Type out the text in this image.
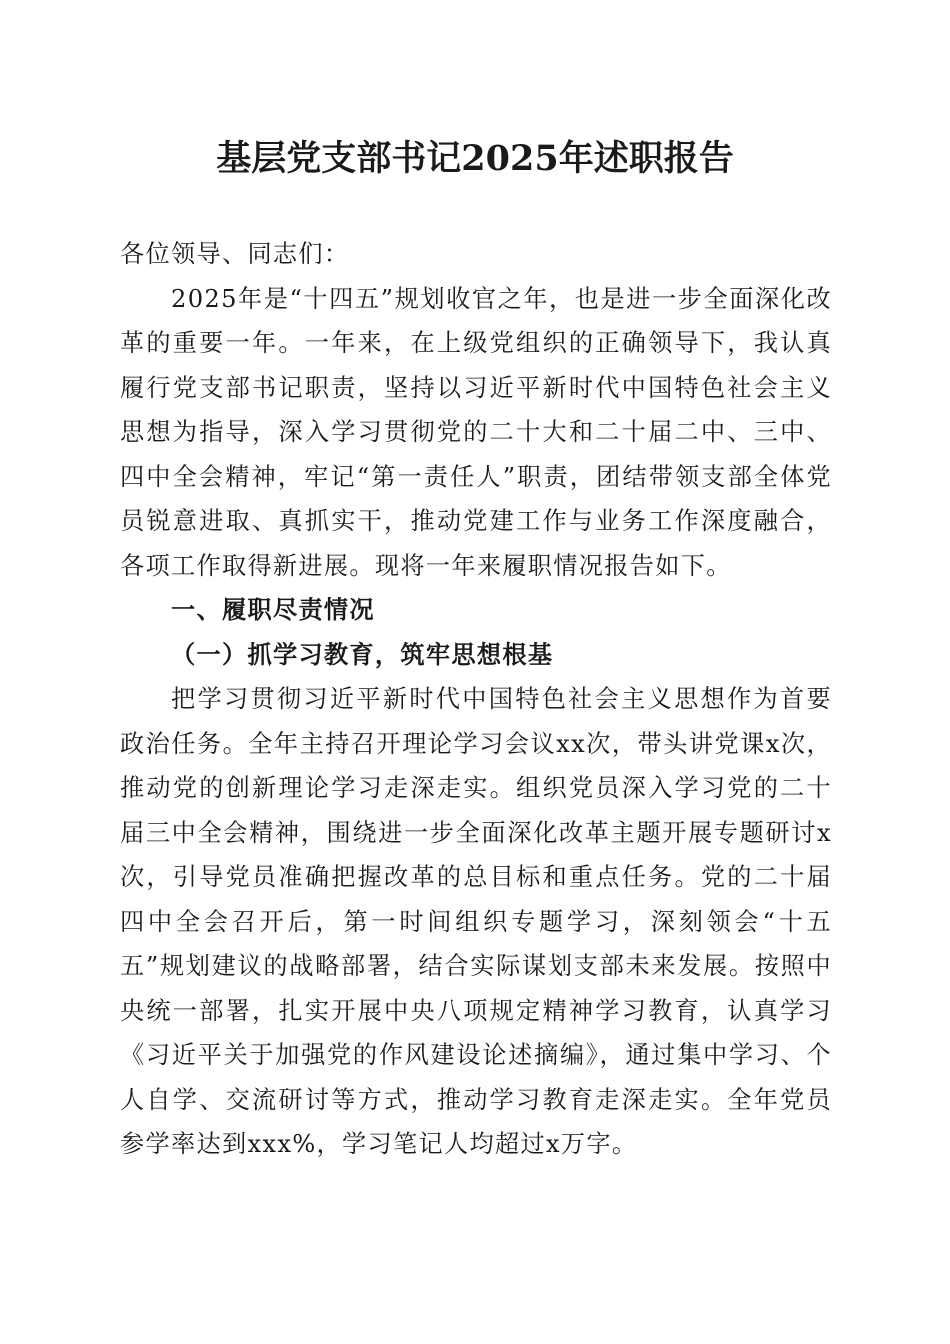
基层党支部书记2025年述职报告

各位领导、同志们：

2025年是“十四五”规划收官之年，也是进一步全面深化改革的重要一年。一年来，在上级党组织的正确领导下，我认真履行党支部书记职责，坚持以习近平新时代中国特色社会主义思想为指导，深入学习贯彻党的二十大和二十届二中、三中、四中全会精神，牢记“第一责任人”职责，团结带领支部全体党员锐意进取、真抓实干，推动党建工作与业务工作深度融合，各项工作取得新进展。现将一年来履职情况报告如下。

一、履职尽责情况

（一）抓学习教育，筑牢思想根基

把学习贯彻习近平新时代中国特色社会主义思想作为首要政治任务。全年主持召开理论学习会议xx次，带头讲党课x次，推动党的创新理论学习走深走实。组织党员深入学习党的二十届三中全会精神，围绕进一步全面深化改革主题开展专题研讨x次，引导党员准确把握改革的总目标和重点任务。党的二十届四中全会召开后，第一时间组织专题学习，深刻领会“十五五”规划建议的战略部署，结合实际谋划支部未来发展。按照中央统一部署，扎实开展中央八项规定精神学习教育，认真学习《习近平关于加强党的作风建设论述摘编》，通过集中学习、个人自学、交流研讨等方式，推动学习教育走深走实。全年党员参学率达到xxx%，学习笔记人均超过x万字。
